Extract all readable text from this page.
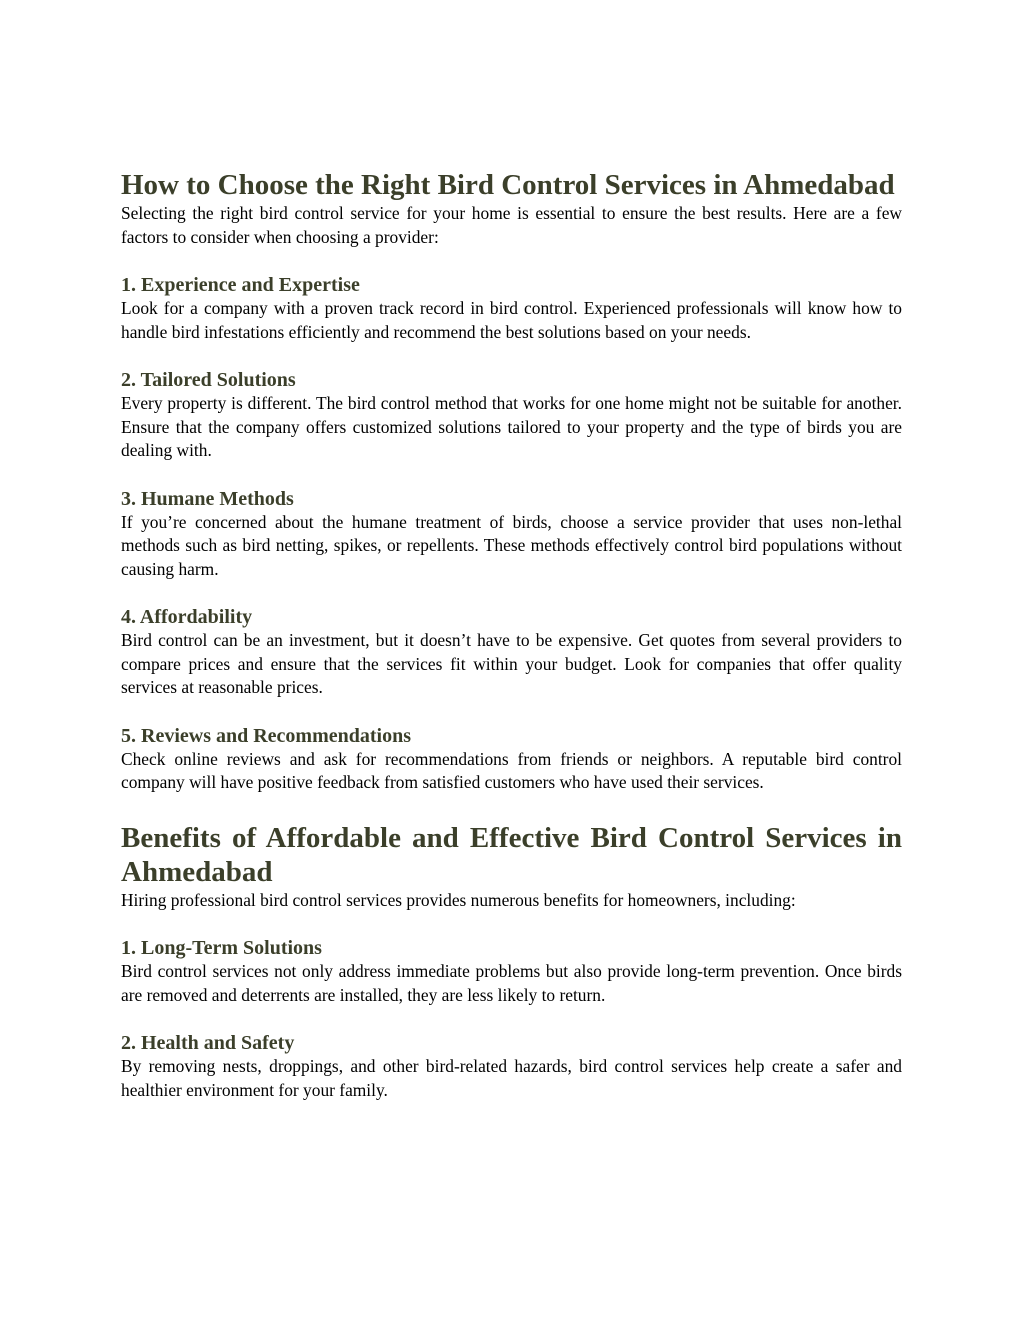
How to Choose the Right Bird Control Services in Ahmedabad

Selecting the right bird control service for your home is essential to ensure the best results. Here are a few factors to consider when choosing a provider:

1. Experience and Expertise

Look for a company with a proven track record in bird control. Experienced professionals will know how to handle bird infestations efficiently and recommend the best solutions based on your needs.

2. Tailored Solutions

Every property is different. The bird control method that works for one home might not be suitable for another. Ensure that the company offers customized solutions tailored to your property and the type of birds you are dealing with.

3. Humane Methods

If you’re concerned about the humane treatment of birds, choose a service provider that uses non-lethal methods such as bird netting, spikes, or repellents. These methods effectively control bird populations without causing harm.

4. Affordability

Bird control can be an investment, but it doesn’t have to be expensive. Get quotes from several providers to compare prices and ensure that the services fit within your budget. Look for companies that offer quality services at reasonable prices.

5. Reviews and Recommendations

Check online reviews and ask for recommendations from friends or neighbors. A reputable bird control company will have positive feedback from satisfied customers who have used their services.

Benefits of Affordable and Effective Bird Control Services in Ahmedabad

Hiring professional bird control services provides numerous benefits for homeowners, including:

1. Long-Term Solutions

Bird control services not only address immediate problems but also provide long-term prevention. Once birds are removed and deterrents are installed, they are less likely to return.

2. Health and Safety

By removing nests, droppings, and other bird-related hazards, bird control services help create a safer and healthier environment for your family.
